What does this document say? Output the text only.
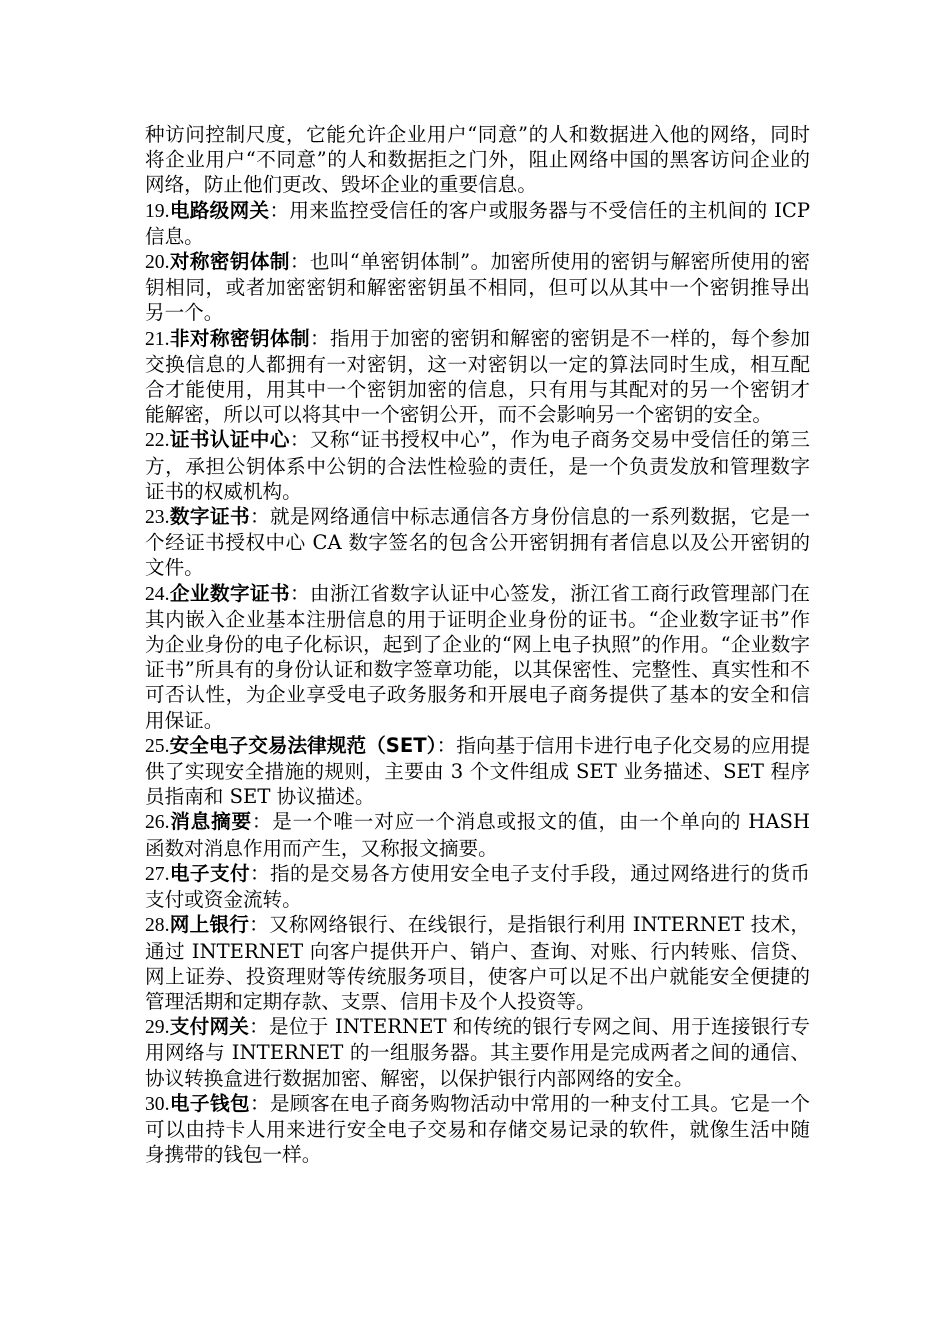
种访问控制尺度，它能允许企业用户“同意”的人和数据进入他的网络，同时将企业用户“不同意”的人和数据拒之门外，阻止网络中国的黑客访问企业的网络，防止他们更改、毁坏企业的重要信息。

19.电路级网关：用来监控受信任的客户或服务器与不受信任的主机间的 ICP 信息。

20.对称密钥体制：也叫“单密钥体制”。加密所使用的密钥与解密所使用的密钥相同，或者加密密钥和解密密钥虽不相同，但可以从其中一个密钥推导出另一个。

21.非对称密钥体制：指用于加密的密钥和解密的密钥是不一样的，每个参加交换信息的人都拥有一对密钥，这一对密钥以一定的算法同时生成，相互配合才能使用，用其中一个密钥加密的信息，只有用与其配对的另一个密钥才能解密，所以可以将其中一个密钥公开，而不会影响另一个密钥的安全。

22.证书认证中心：又称“证书授权中心”，作为电子商务交易中受信任的第三方，承担公钥体系中公钥的合法性检验的责任，是一个负责发放和管理数字证书的权威机构。

23.数字证书：就是网络通信中标志通信各方身份信息的一系列数据，它是一个经证书授权中心 CA 数字签名的包含公开密钥拥有者信息以及公开密钥的文件。

24.企业数字证书：由浙江省数字认证中心签发，浙江省工商行政管理部门在其内嵌入企业基本注册信息的用于证明企业身份的证书。“企业数字证书”作为企业身份的电子化标识，起到了企业的“网上电子执照”的作用。“企业数字证书”所具有的身份认证和数字签章功能，以其保密性、完整性、真实性和不可否认性，为企业享受电子政务服务和开展电子商务提供了基本的安全和信用保证。

25.安全电子交易法律规范（SET）：指向基于信用卡进行电子化交易的应用提供了实现安全措施的规则，主要由 3 个文件组成 SET 业务描述、SET 程序员指南和 SET 协议描述。

26.消息摘要：是一个唯一对应一个消息或报文的值，由一个单向的 HASH 函数对消息作用而产生，又称报文摘要。

27.电子支付：指的是交易各方使用安全电子支付手段，通过网络进行的货币支付或资金流转。

28.网上银行：又称网络银行、在线银行，是指银行利用 INTERNET 技术，通过 INTERNET 向客户提供开户、销户、查询、对账、行内转账、信贷、网上证券、投资理财等传统服务项目，使客户可以足不出户就能安全便捷的管理活期和定期存款、支票、信用卡及个人投资等。

29.支付网关：是位于 INTERNET 和传统的银行专网之间、用于连接银行专用网络与 INTERNET 的一组服务器。其主要作用是完成两者之间的通信、协议转换盒进行数据加密、解密，以保护银行内部网络的安全。

30.电子钱包：是顾客在电子商务购物活动中常用的一种支付工具。它是一个可以由持卡人用来进行安全电子交易和存储交易记录的软件，就像生活中随身携带的钱包一样。
